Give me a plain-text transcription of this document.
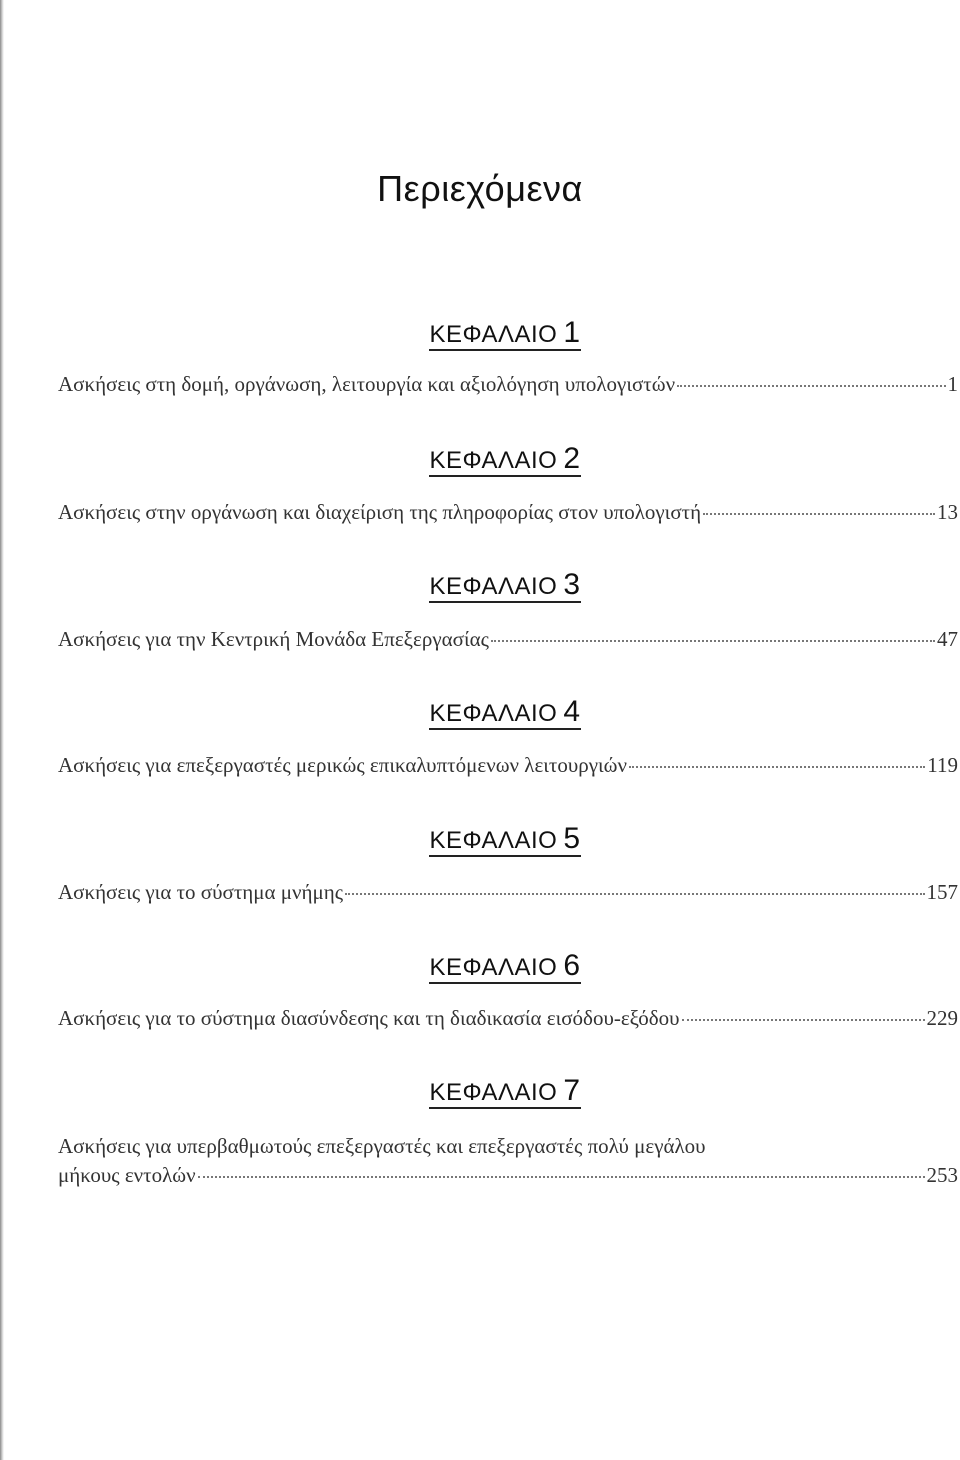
Περιεχόμενα
ΚΕΦΑΛΑΙΟ 1
Ασκήσεις στη δομή, οργάνωση, λειτουργία και αξιολόγηση υπολογιστών	1
ΚΕΦΑΛΑΙΟ 2
Ασκήσεις στην οργάνωση και διαχείριση της πληροφορίας στον υπολογιστή	13
ΚΕΦΑΛΑΙΟ 3
Ασκήσεις για την Κεντρική Μονάδα Επεξεργασίας	47
ΚΕΦΑΛΑΙΟ 4
Ασκήσεις για επεξεργαστές μερικώς επικαλυπτόμενων λειτουργιών	119
ΚΕΦΑΛΑΙΟ 5
Ασκήσεις για το σύστημα μνήμης	157
ΚΕΦΑΛΑΙΟ 6
Ασκήσεις για το σύστημα διασύνδεσης και τη διαδικασία εισόδου-εξόδου	229
ΚΕΦΑΛΑΙΟ 7
Ασκήσεις για υπερβαθμωτούς επεξεργαστές και επεξεργαστές πολύ μεγάλου
μήκους εντολών	253
